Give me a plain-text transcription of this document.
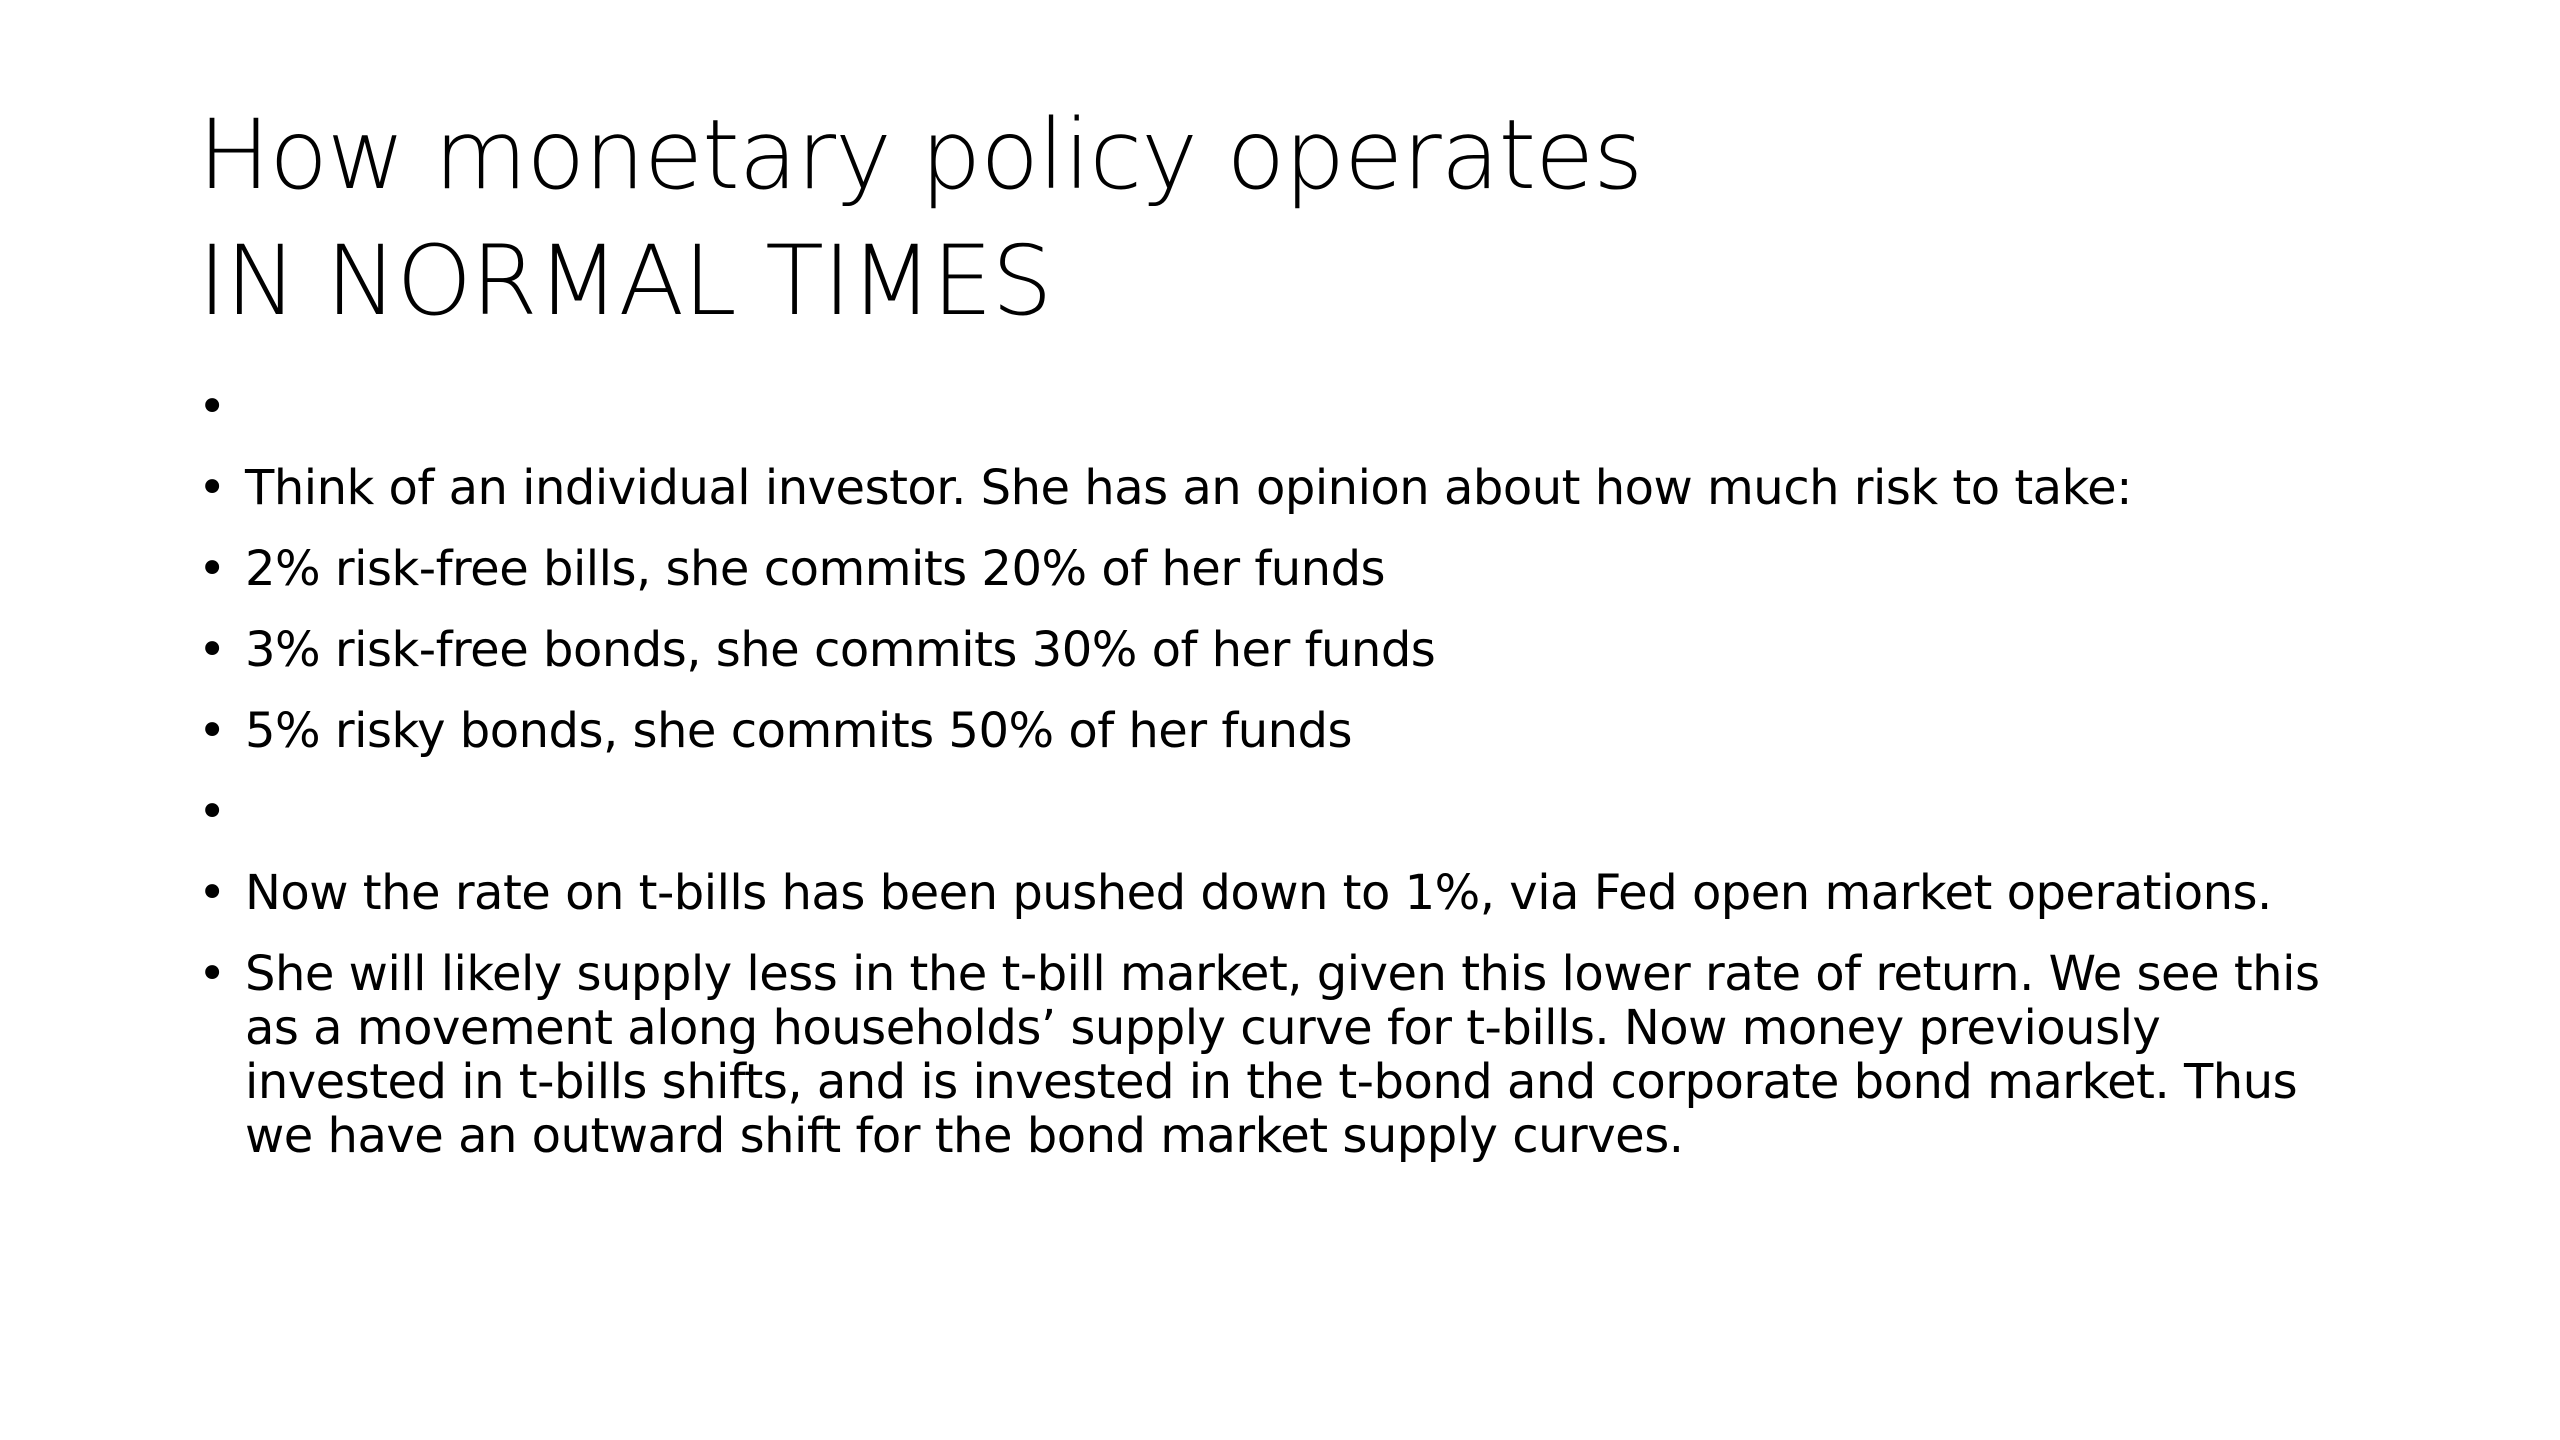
How monetary policy operates
IN NORMAL TIMES
•
• Think of an individual investor. She has an opinion about how much risk to take:
• 2% risk-free bills, she commits 20% of her funds
• 3% risk-free bonds, she commits 30% of her funds
• 5% risky bonds, she commits 50% of her funds
•
• Now the rate on t-bills has been pushed down to 1%, via Fed open market operations.
• She will likely supply less in the t-bill market, given this lower rate of return. We see this as a movement along households’ supply curve for t-bills. Now money previously invested in t-bills shifts, and is invested in the t-bond and corporate bond market. Thus we have an outward shift for the bond market supply curves.
